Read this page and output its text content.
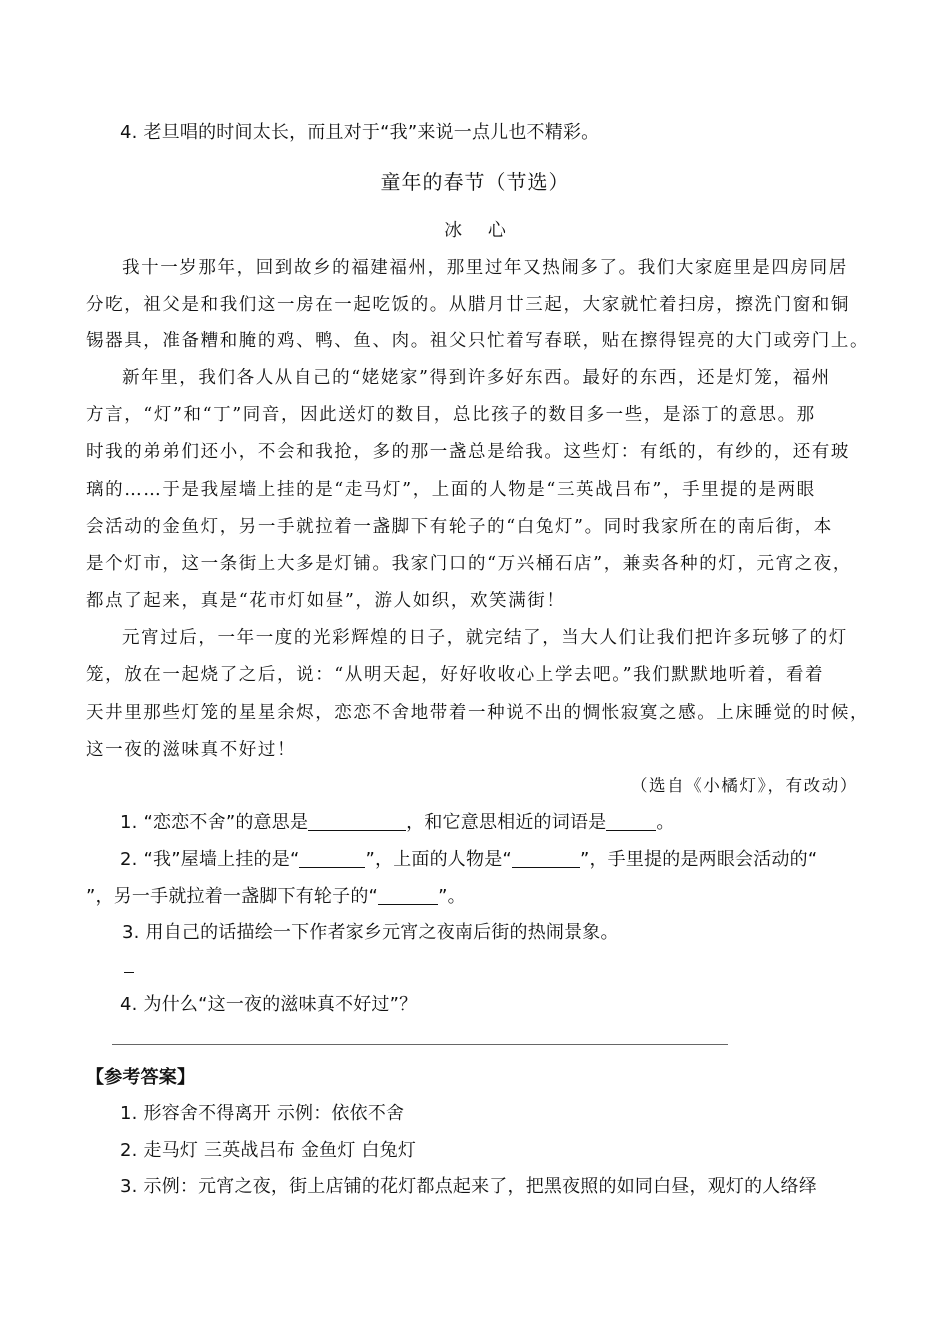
4. 老旦唱的时间太长，而且对于“我”来说一点儿也不精彩。
童年的春节（节选）
冰 心
我十一岁那年，回到故乡的福建福州，那里过年又热闹多了。我们大家庭里是四房同居
分吃，祖父是和我们这一房在一起吃饭的。从腊月廿三起，大家就忙着扫房，擦洗门窗和铜
锡器具，准备糟和腌的鸡、鸭、鱼、肉。祖父只忙着写春联，贴在擦得锃亮的大门或旁门上。
新年里，我们各人从自己的“姥姥家”得到许多好东西。最好的东西，还是灯笼，福州
方言，“灯”和“丁”同音，因此送灯的数目，总比孩子的数目多一些，是添丁的意思。那
时我的弟弟们还小，不会和我抢，多的那一盏总是给我。这些灯：有纸的，有纱的，还有玻
璃的……于是我屋墙上挂的是“走马灯”，上面的人物是“三英战吕布”，手里提的是两眼
会活动的金鱼灯，另一手就拉着一盏脚下有轮子的“白兔灯”。同时我家所在的南后街，本
是个灯市，这一条街上大多是灯铺。我家门口的“万兴桶石店”，兼卖各种的灯，元宵之夜，
都点了起来，真是“花市灯如昼”，游人如织，欢笑满街！
元宵过后，一年一度的光彩辉煌的日子，就完结了，当大人们让我们把许多玩够了的灯
笼，放在一起烧了之后，说：“从明天起，好好收收心上学去吧。”我们默默地听着，看着
天井里那些灯笼的星星余烬，恋恋不舍地带着一种说不出的惆怅寂寞之感。上床睡觉的时候，
这一夜的滋味真不好过！
（选自《小橘灯》，有改动）
1. “恋恋不舍”的意思是	，和它意思相近的词语是	。
2. “我”屋墙上挂的是“	”，上面的人物是“	”，手里提的是两眼会活动的“
”，另一手就拉着一盏脚下有轮子的“	”。
3. 用自己的话描绘一下作者家乡元宵之夜南后街的热闹景象。
4. 为什么“这一夜的滋味真不好过”？
【参考答案】
1. 形容舍不得离开 示例：依依不舍
2. 走马灯 三英战吕布 金鱼灯 白兔灯
3. 示例：元宵之夜，街上店铺的花灯都点起来了，把黑夜照的如同白昼，观灯的人络绎
